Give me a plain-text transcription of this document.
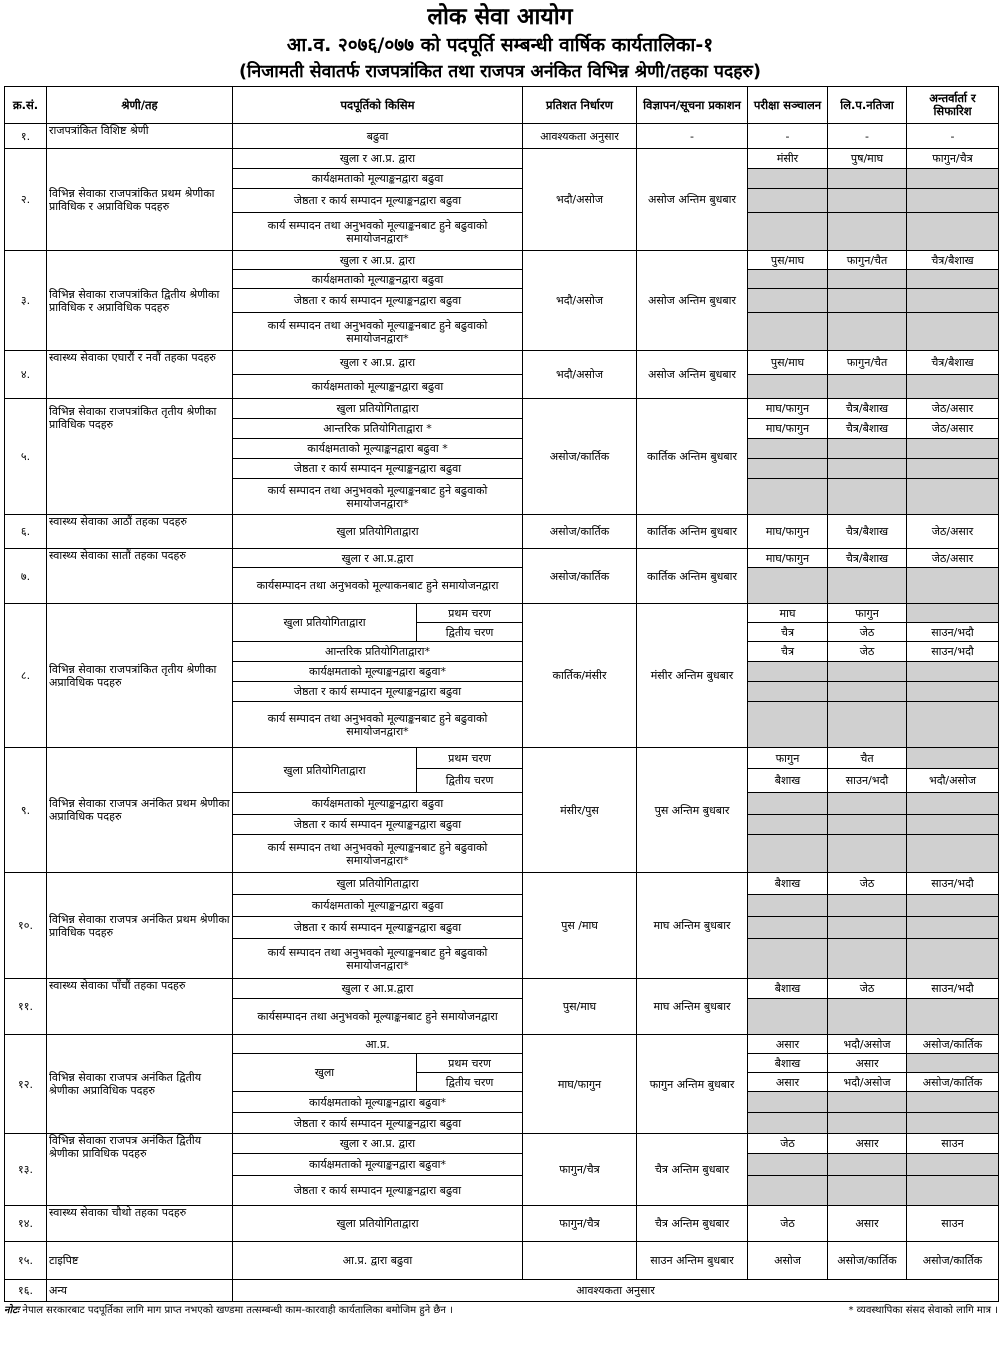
लोक सेवा आयोग
आ.व. २०७६/०७७ को पदपूर्ति सम्बन्धी वार्षिक कार्यतालिका-१
(निजामती सेवातर्फ राजपत्रांकित तथा राजपत्र अनंकित विभिन्न श्रेणी/तहका पदहरु)
क्र.सं.	श्रेणी/तह	पदपूर्तिको किसिम		प्रतिशत निर्धारण	विज्ञापन/सूचना प्रकाशन	परीक्षा सञ्चालन	लि.प.नतिजा	अन्तर्वार्ता र सिफारिश
१.	राजपत्रांकित विशिष्ट श्रेणी	बढुवा		आवश्यकता अनुसार	-	-	-	-
२.	विभिन्न सेवाका राजपत्रांकित प्रथम श्रेणीका प्राविधिक र अप्राविधिक पदहरु	खुला र आ.प्र. द्वारा		भदौ/असोज	असोज अन्तिम बुधबार	मंसीर	पुष/माघ	फागुन/चैत्र
		कार्यक्षमताको मूल्याङ्कनद्वारा बढुवा						
		जेष्ठता र कार्य सम्पादन मूल्याङ्कनद्वारा बढुवा						
		कार्य सम्पादन तथा अनुभवको मूल्याङ्कनबाट हुने बढुवाको समायोजनद्वारा*						
३.	विभिन्न सेवाका राजपत्रांकित द्वितीय श्रेणीका प्राविधिक र अप्राविधिक पदहरु	खुला र आ.प्र. द्वारा		भदौ/असोज	असोज अन्तिम बुधबार	पुस/माघ	फागुन/चैत	चैत्र/बैशाख
		कार्यक्षमताको मूल्याङ्कनद्वारा बढुवा						
		जेष्ठता र कार्य सम्पादन मूल्याङ्कनद्वारा बढुवा						
		कार्य सम्पादन तथा अनुभवको मूल्याङ्कनबाट हुने बढुवाको समायोजनद्वारा*						
४.	स्वास्थ्य सेवाका एघारौं र नवौं तहका पदहरु	खुला र आ.प्र. द्वारा		भदौ/असोज	असोज अन्तिम बुधबार	पुस/माघ	फागुन/चैत	चैत्र/बैशाख
		कार्यक्षमताको मूल्याङ्कनद्वारा बढुवा						
५.	विभिन्न सेवाका राजपत्रांकित तृतीय श्रेणीका प्राविधिक पदहरु	खुला प्रतियोगिताद्वारा		असोज/कार्तिक	कार्तिक अन्तिम बुधबार	माघ/फागुन	चैत्र/बैशाख	जेठ/असार
		आन्तरिक प्रतियोगिताद्वारा *				माघ/फागुन	चैत्र/बैशाख	जेठ/असार
		कार्यक्षमताको मूल्याङ्कनद्वारा बढुवा *						
		जेष्ठता र कार्य सम्पादन मूल्याङ्कनद्वारा बढुवा						
		कार्य सम्पादन तथा अनुभवको मूल्याङ्कनबाट हुने बढुवाको समायोजनद्वारा*						
६.	स्वास्थ्य सेवाका आठौं तहका पदहरु	खुला प्रतियोगिताद्वारा		असोज/कार्तिक	कार्तिक अन्तिम बुधबार	माघ/फागुन	चैत्र/बैशाख	जेठ/असार
७.	स्वास्थ्य सेवाका सातौं तहका पदहरु	खुला र आ.प्र.द्वारा		असोज/कार्तिक	कार्तिक अन्तिम बुधबार	माघ/फागुन	चैत्र/बैशाख	जेठ/असार
		कार्यसम्पादन तथा अनुभवको मूल्याकनबाट हुने समायोजनद्वारा						
८.	विभिन्न सेवाका राजपत्रांकित तृतीय श्रेणीका अप्राविधिक पदहरु	खुला प्रतियोगिताद्वारा	प्रथम चरण	कार्तिक/मंसीर	मंसीर अन्तिम बुधबार	माघ	फागुन	
			द्वितीय चरण			चैत्र	जेठ	साउन/भदौ
		आन्तरिक प्रतियोगिताद्वारा*				चैत्र	जेठ	साउन/भदौ
		कार्यक्षमताको मूल्याङ्कनद्वारा बढुवा*						
		जेष्ठता र कार्य सम्पादन मूल्याङ्कनद्वारा बढुवा						
		कार्य सम्पादन तथा अनुभवको मूल्याङ्कनबाट हुने बढुवाको समायोजनद्वारा*						
९.	विभिन्न सेवाका राजपत्र अनंकित प्रथम श्रेणीका अप्राविधिक पदहरु	खुला प्रतियोगिताद्वारा	प्रथम चरण	मंसीर/पुस	पुस अन्तिम बुधबार	फागुन	चैत	
			द्वितीय चरण			बैशाख	साउन/भदौ	भदौ/असोज
		कार्यक्षमताको मूल्याङ्कनद्वारा बढुवा						
		जेष्ठता र कार्य सम्पादन मूल्याङ्कनद्वारा बढुवा						
		कार्य सम्पादन तथा अनुभवको मूल्याङ्कनबाट हुने बढुवाको समायोजनद्वारा*						
१०.	विभिन्न सेवाका राजपत्र अनंकित प्रथम श्रेणीका प्राविधिक पदहरु	खुला प्रतियोगिताद्वारा		पुस /माघ	माघ अन्तिम बुधबार	बैशाख	जेठ	साउन/भदौ
		कार्यक्षमताको मूल्याङ्कनद्वारा बढुवा						
		जेष्ठता र कार्य सम्पादन मूल्याङ्कनद्वारा बढुवा						
		कार्य सम्पादन तथा अनुभवको मूल्याङ्कनबाट हुने बढुवाको समायोजनद्वारा*						
११.	स्वास्थ्य सेवाका पाँचौं तहका पदहरु	खुला र आ.प्र.द्वारा		पुस/माघ	माघ अन्तिम बुधबार	बैशाख	जेठ	साउन/भदौ
		कार्यसम्पादन तथा अनुभवको मूल्याङ्कनबाट हुने समायोजनद्वारा						
१२.	विभिन्न सेवाका राजपत्र अनंकित द्वितीय श्रेणीका अप्राविधिक पदहरु	आ.प्र.		माघ/फागुन	फागुन अन्तिम बुधबार	असार	भदौ/असोज	असोज/कार्तिक
		खुला	प्रथम चरण			बैशाख	असार	
			द्वितीय चरण			असार	भदौ/असोज	असोज/कार्तिक
		कार्यक्षमताको मूल्याङ्कनद्वारा बढुवा*						
		जेष्ठता र कार्य सम्पादन मूल्याङ्कनद्वारा बढुवा						
१३.	विभिन्न सेवाका राजपत्र अनंकित द्वितीय श्रेणीका प्राविधिक पदहरु	खुला र आ.प्र. द्वारा		फागुन/चैत्र	चैत्र अन्तिम बुधबार	जेठ	असार	साउन
		कार्यक्षमताको मूल्याङ्कनद्वारा बढुवा*						
		जेष्ठता र कार्य सम्पादन मूल्याङ्कनद्वारा बढुवा						
१४.	स्वास्थ्य सेवाका चौथो तहका पदहरु	खुला प्रतियोगिताद्वारा		फागुन/चैत्र	चैत्र अन्तिम बुधबार	जेठ	असार	साउन
१५.	टाइपिष्ट	आ.प्र. द्वारा बढुवा			साउन अन्तिम बुधबार	असोज	असोज/कार्तिक	असोज/कार्तिक
१६.	अन्य	आवश्यकता अनुसार						
नोटः नेपाल सरकारबाट पदपूर्तिका लागि माग प्राप्त नभएको खण्डमा तत्सम्बन्धी काम-कारवाही कार्यतालिका बमोजिम हुने छैन ।	* व्यवस्थापिका संसद सेवाको लागि मात्र ।
